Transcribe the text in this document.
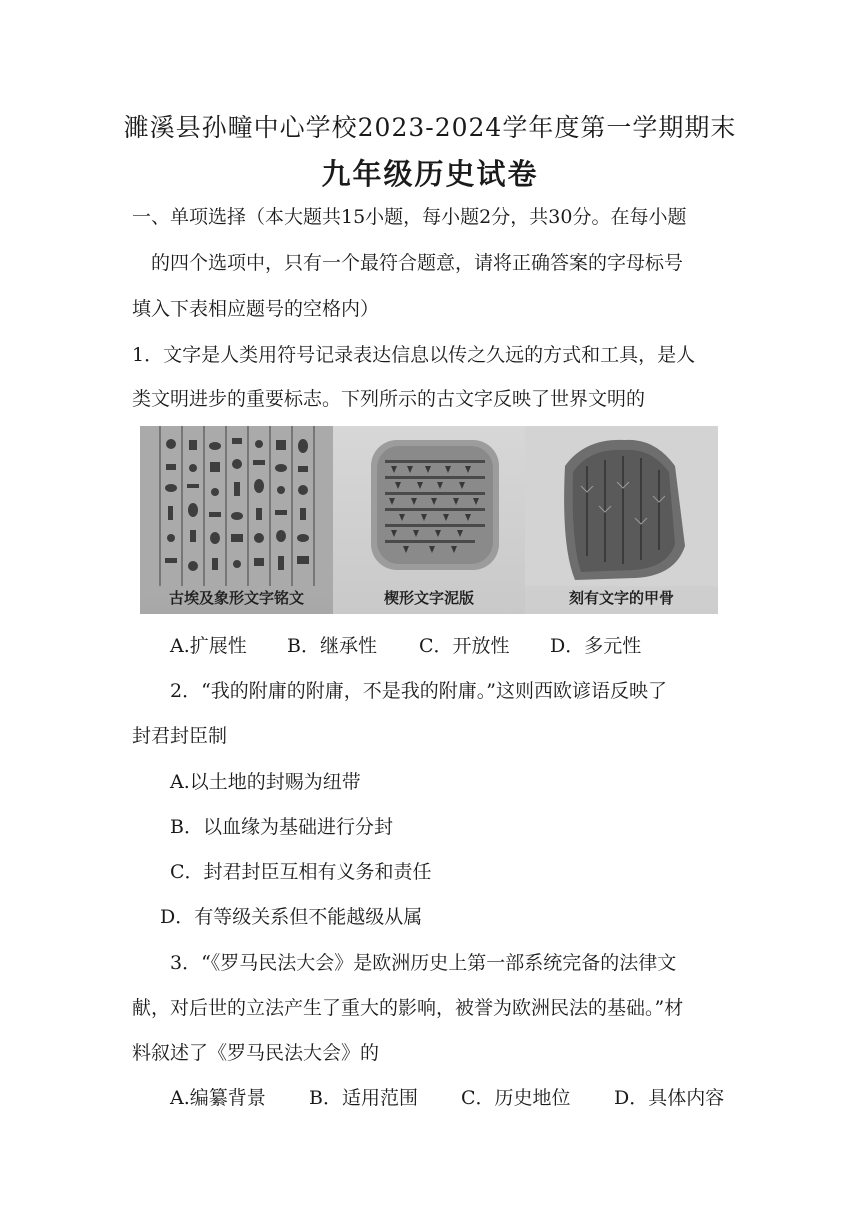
濉溪县孙疃中心学校2023-2024学年度第一学期期末
九年级历史试卷
一、单项选择（本大题共15小题，每小题2分，共30分。在每小题
的四个选项中，只有一个最符合题意，请将正确答案的字母标号
填入下表相应题号的空格内）
1．文字是人类用符号记录表达信息以传之久远的方式和工具，是人
类文明进步的重要标志。下列所示的古文字反映了世界文明的
古埃及象形文字铭文	楔形文字泥版	刻有文字的甲骨
A.扩展性 B．继承性 C．开放性 D．多元性
2．“我的附庸的附庸，不是我的附庸。”这则西欧谚语反映了
封君封臣制
A.以土地的封赐为纽带
B．以血缘为基础进行分封
C．封君封臣互相有义务和责任
D．有等级关系但不能越级从属
3．“《罗马民法大会》是欧洲历史上第一部系统完备的法律文
献，对后世的立法产生了重大的影响，被誉为欧洲民法的基础。”材
料叙述了《罗马民法大会》的
A.编纂背景 B．适用范围 C．历史地位 D．具体内容
